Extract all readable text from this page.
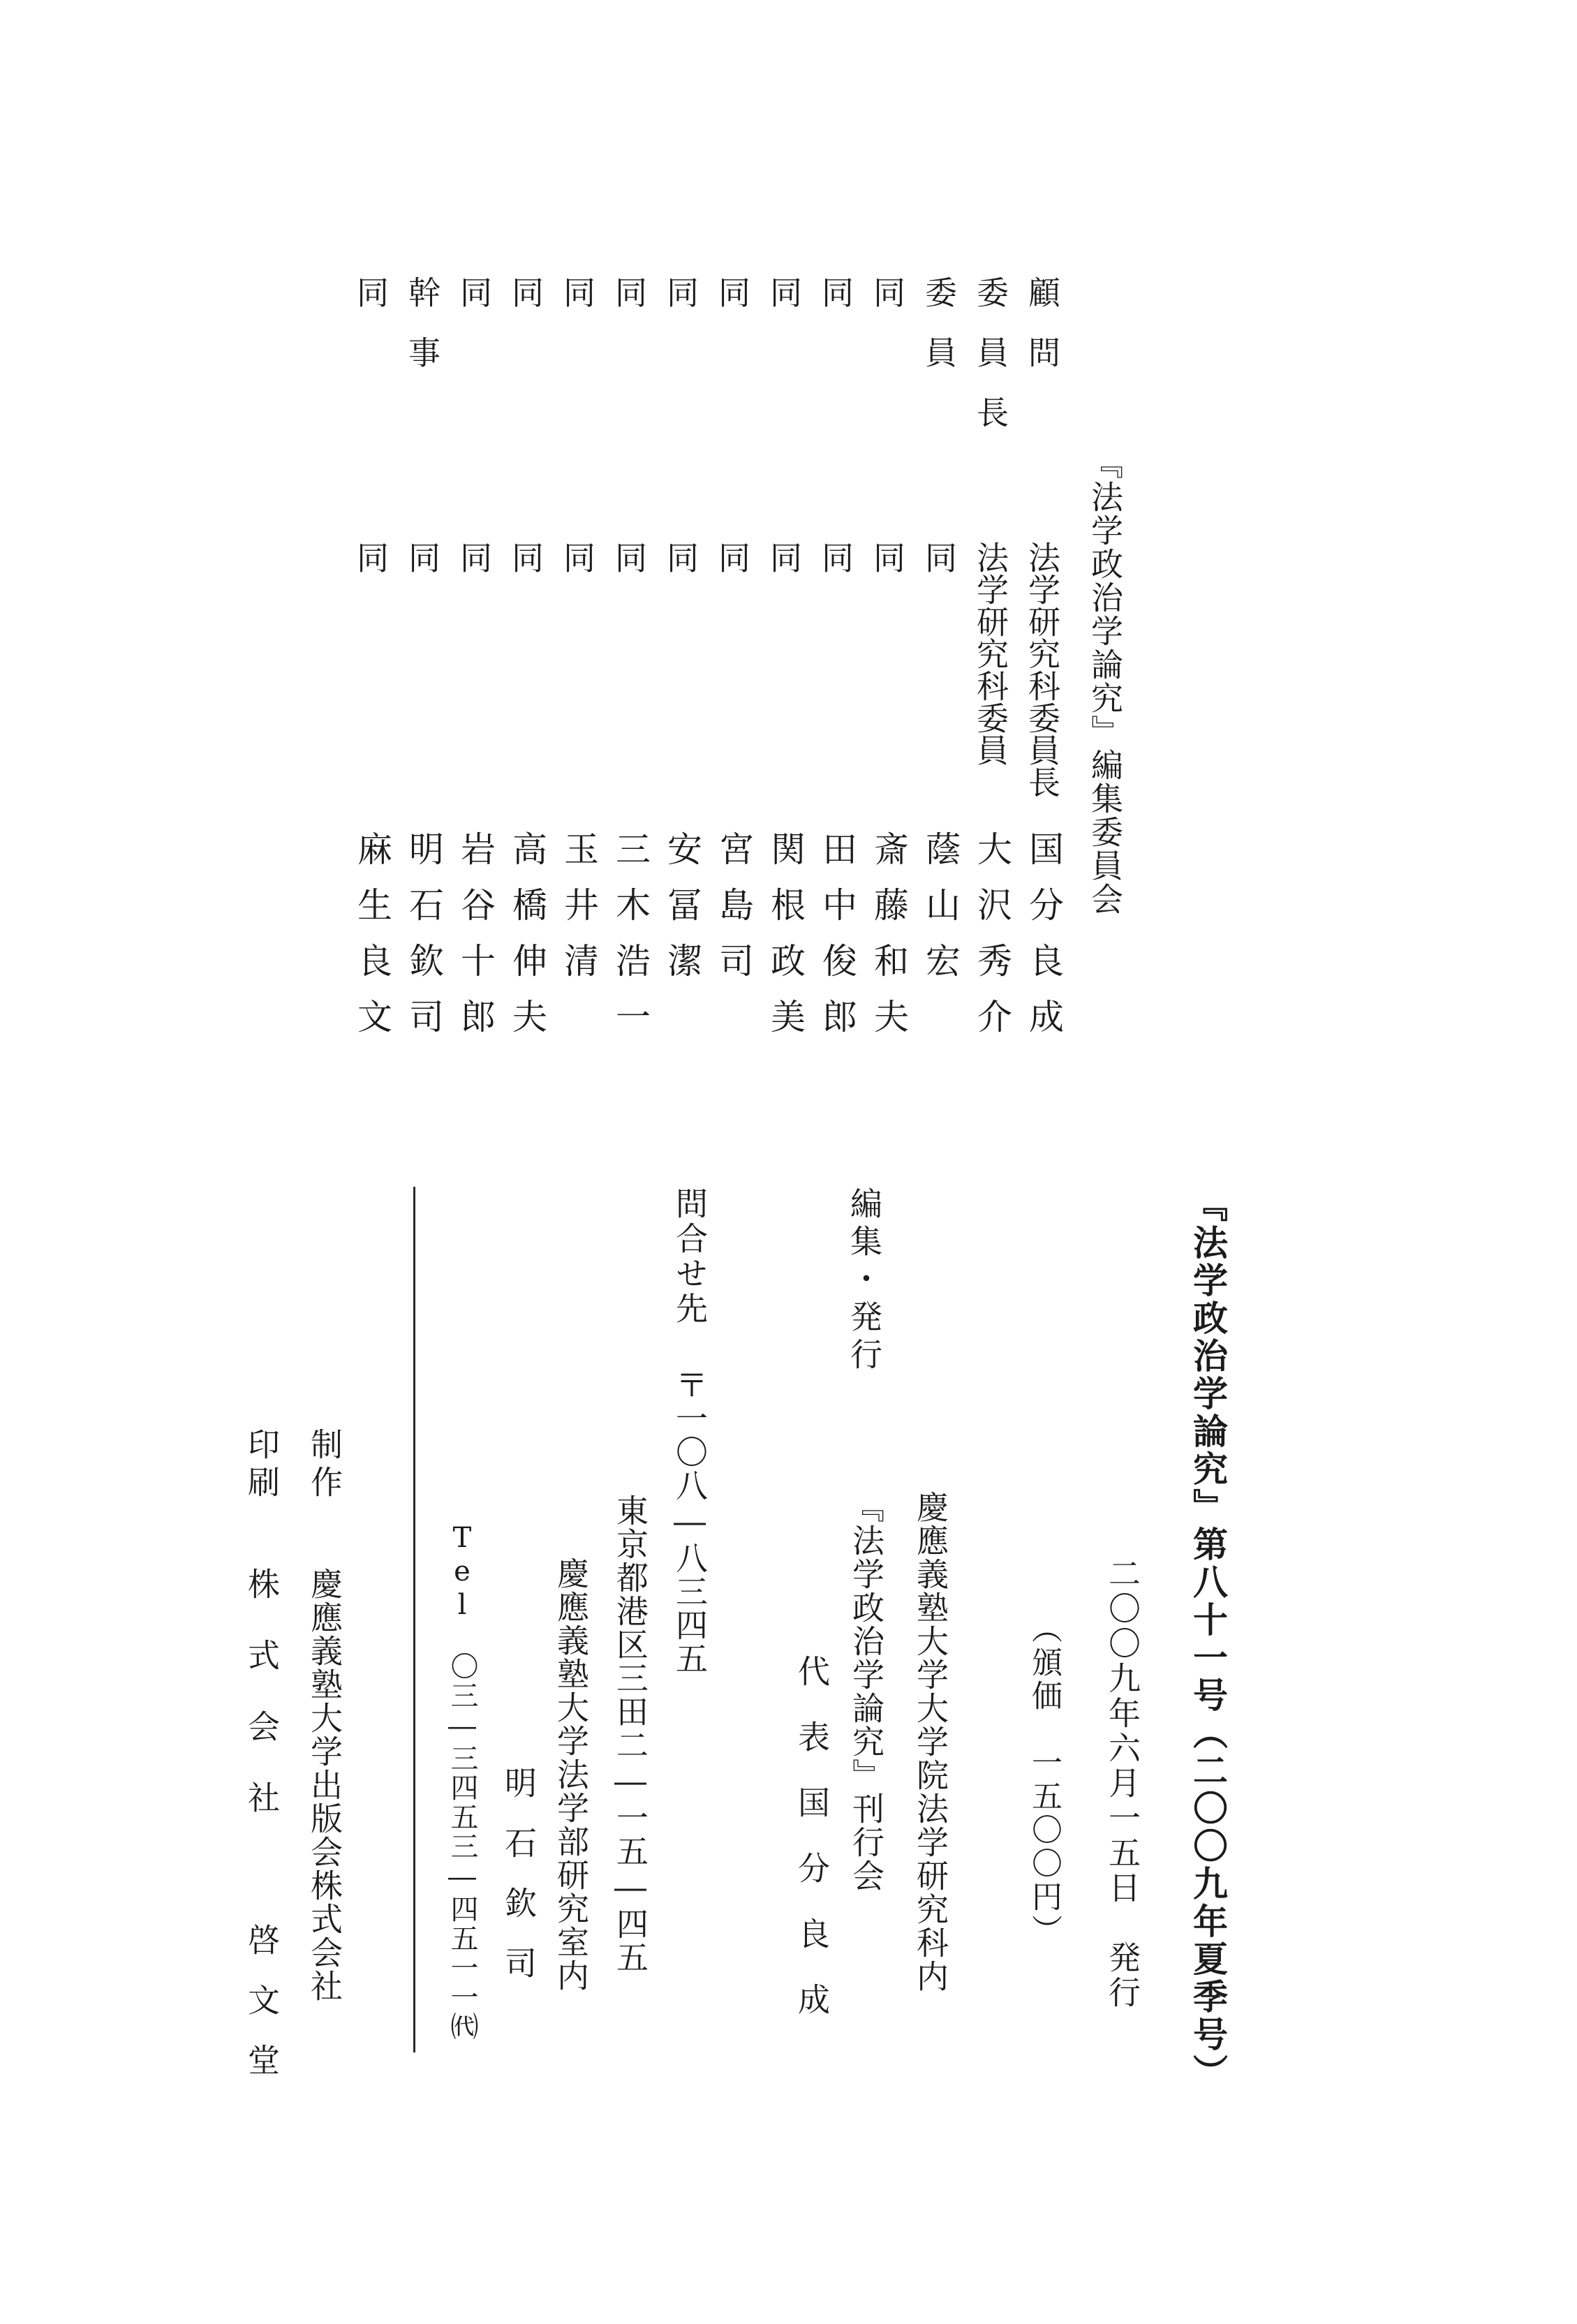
『法学政治学論究』編集委員会
顧問
法学研究科委員長
国分良成
委員長
法学研究科委員
大沢秀介
委員
同
蔭山宏
同
同
斎藤和夫
同
同
田中俊郎
同
同
関根政美
同
同
宮島司
同
同
安冨潔
同
同
三木浩一
同
同
玉井清
同
同
高橋伸夫
同
同
岩谷十郎
幹事
同
明石欽司
同
同
麻生良文
『法学政治学論究』第八十一号（二〇〇九年夏季号）
二〇〇九年六月一五日　発行
（頒価　一五〇〇円）
編集・発行
慶應義塾大学大学院法学研究科内
『法学政治学論究』刊行会
代表国分良成
問合せ先
〒一〇八―八三四五
東京都港区三田二―一五―四五
慶應義塾大学法学部研究室内
明石欽司
Tel　〇三―三四五三―四五一一㈹
制作
慶應義塾大学出版会株式会社
印刷
株式会社
啓文堂
